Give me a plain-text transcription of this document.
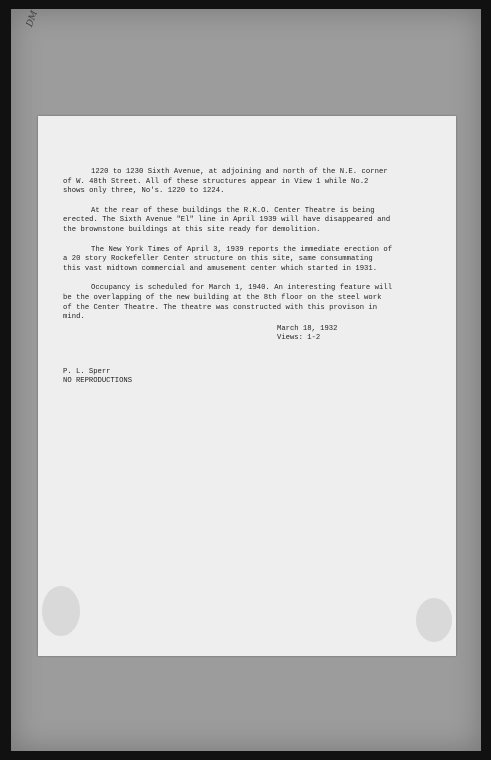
DM

1220 to 1230 Sixth Avenue, at adjoining and north of the N.E. corner of W. 48th Street. All of these structures appear in View 1 while No.2 shows only three, No's. 1220 to 1224.

At the rear of these buildings the R.K.O. Center Theatre is being erected. The Sixth Avenue "El" line in April 1939 will have disappeared and the brownstone buildings at this site ready for demolition.

The New York Times of April 3, 1939 reports the immediate erection of a 20 story Rockefeller Center structure on this site, same consummating this vast midtown commercial and amusement center which started in 1931.

Occupancy is scheduled for March 1, 1940. An interesting feature will be the overlapping of the new building at the 8th floor on the steel work of the Center Theatre. The theatre was constructed with this provison in mind.

March 18, 1932
Views: 1-2
P. L. Sperr
NO REPRODUCTIONS
